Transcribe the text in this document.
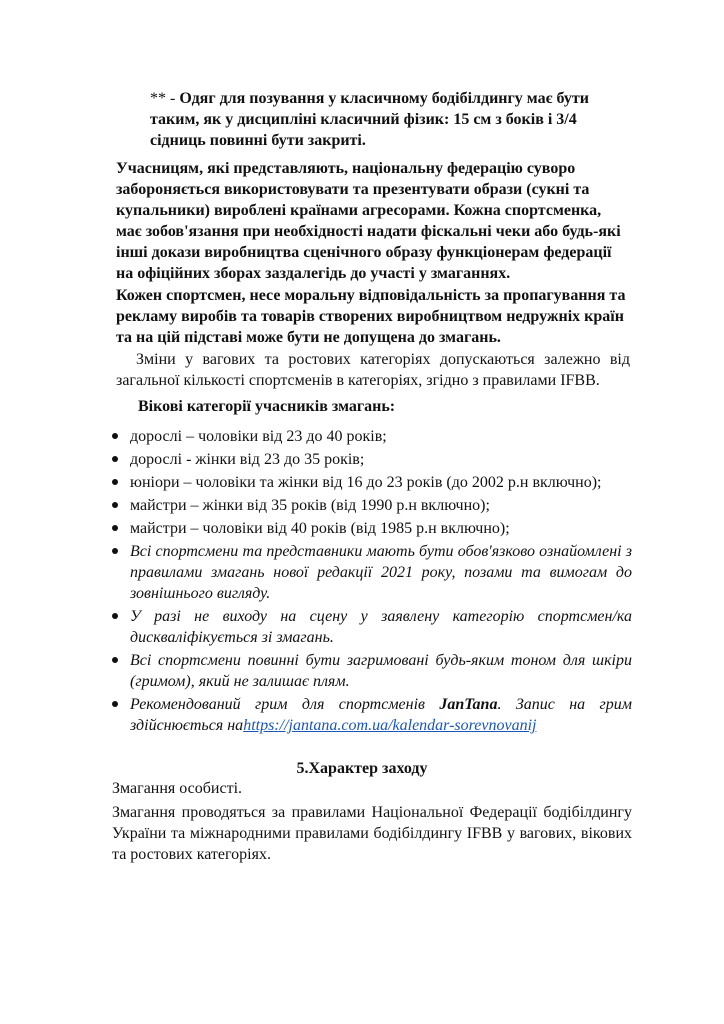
** - Одяг для позування у класичному бодібілдингу має бути таким, як у дисципліні класичний фізик: 15 см з боків і 3/4 сідниць повинні бути закриті.

Учасницям, які представляють, національну федерацію суворо забороняється використовувати та презентувати образи (сукні та купальники) вироблені країнами агресорами. Кожна спортсменка, має зобов'язання при необхідності надати фіскальні чеки або будь-які інші докази виробництва сценічного образу функціонерам федерації на офіційних зборах заздалегідь до участі у змаганнях.

Кожен спортсмен, несе моральну відповідальність за пропагування та рекламу виробів та товарів створених виробництвом недружніх країн та на цій підставі може бути не допущена до змагань.

Зміни у вагових та ростових категоріях допускаються залежно від загальної кількості спортсменів в категоріях, згідно з правилами IFBB.

Вікові категорії учасників змагань:
дорослі – чоловіки від 23 до 40 років;
дорослі - жінки від 23 до 35 років;
юніори – чоловіки та жінки від 16 до 23 років (до 2002 р.н включно);
майстри – жінки від 35 років (від 1990 р.н включно);
майстри – чоловіки від 40 років (від 1985 р.н включно);
Всі спортсмени та представники мають бути обов'язково ознайомлені з правилами змагань нової редакції 2021 року, позами та вимогам до зовнішнього вигляду.
У разі не виходу на сцену у заявлену категорію спортсмен/ка дискваліфікується зі змагань.
Всі спортсмени повинні бути загримовані будь-яким тоном для шкіри (гримом), який не залишає плям.
Рекомендований грим для спортсменів JanTana. Запис на грим здійснюється наhttps://jantana.com.ua/kalendar-sorevnovanij
5.Характер заходу

Змагання особисті.

Змагання проводяться за правилами Національної Федерації бодібілдингу України та міжнародними правилами бодібілдингу IFBB у вагових, вікових та ростових категоріях.
